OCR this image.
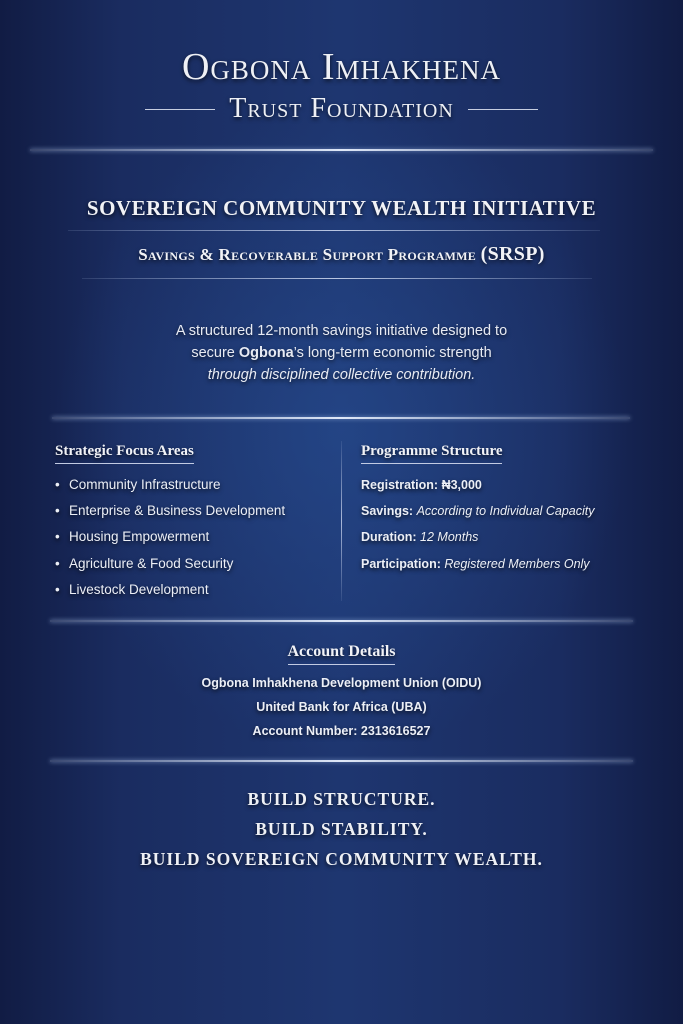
Ogbona Imhakhena
Trust Foundation
SOVEREIGN COMMUNITY WEALTH INITIATIVE
Savings & Recoverable Support Programme (SRSP)
A structured 12-month savings initiative designed to
secure Ogbona’s long-term economic strength
through disciplined collective contribution.
Strategic Focus Areas
• Community Infrastructure
• Enterprise & Business Development
• Housing Empowerment
• Agriculture & Food Security
• Livestock Development
Programme Structure
Registration: ₦3,000
Savings: According to Individual Capacity
Duration: 12 Months
Participation: Registered Members Only
Account Details
Ogbona Imhakhena Development Union (OIDU)
United Bank for Africa (UBA)
Account Number: 2313616527
BUILD STRUCTURE.
BUILD STABILITY.
BUILD SOVEREIGN COMMUNITY WEALTH.
